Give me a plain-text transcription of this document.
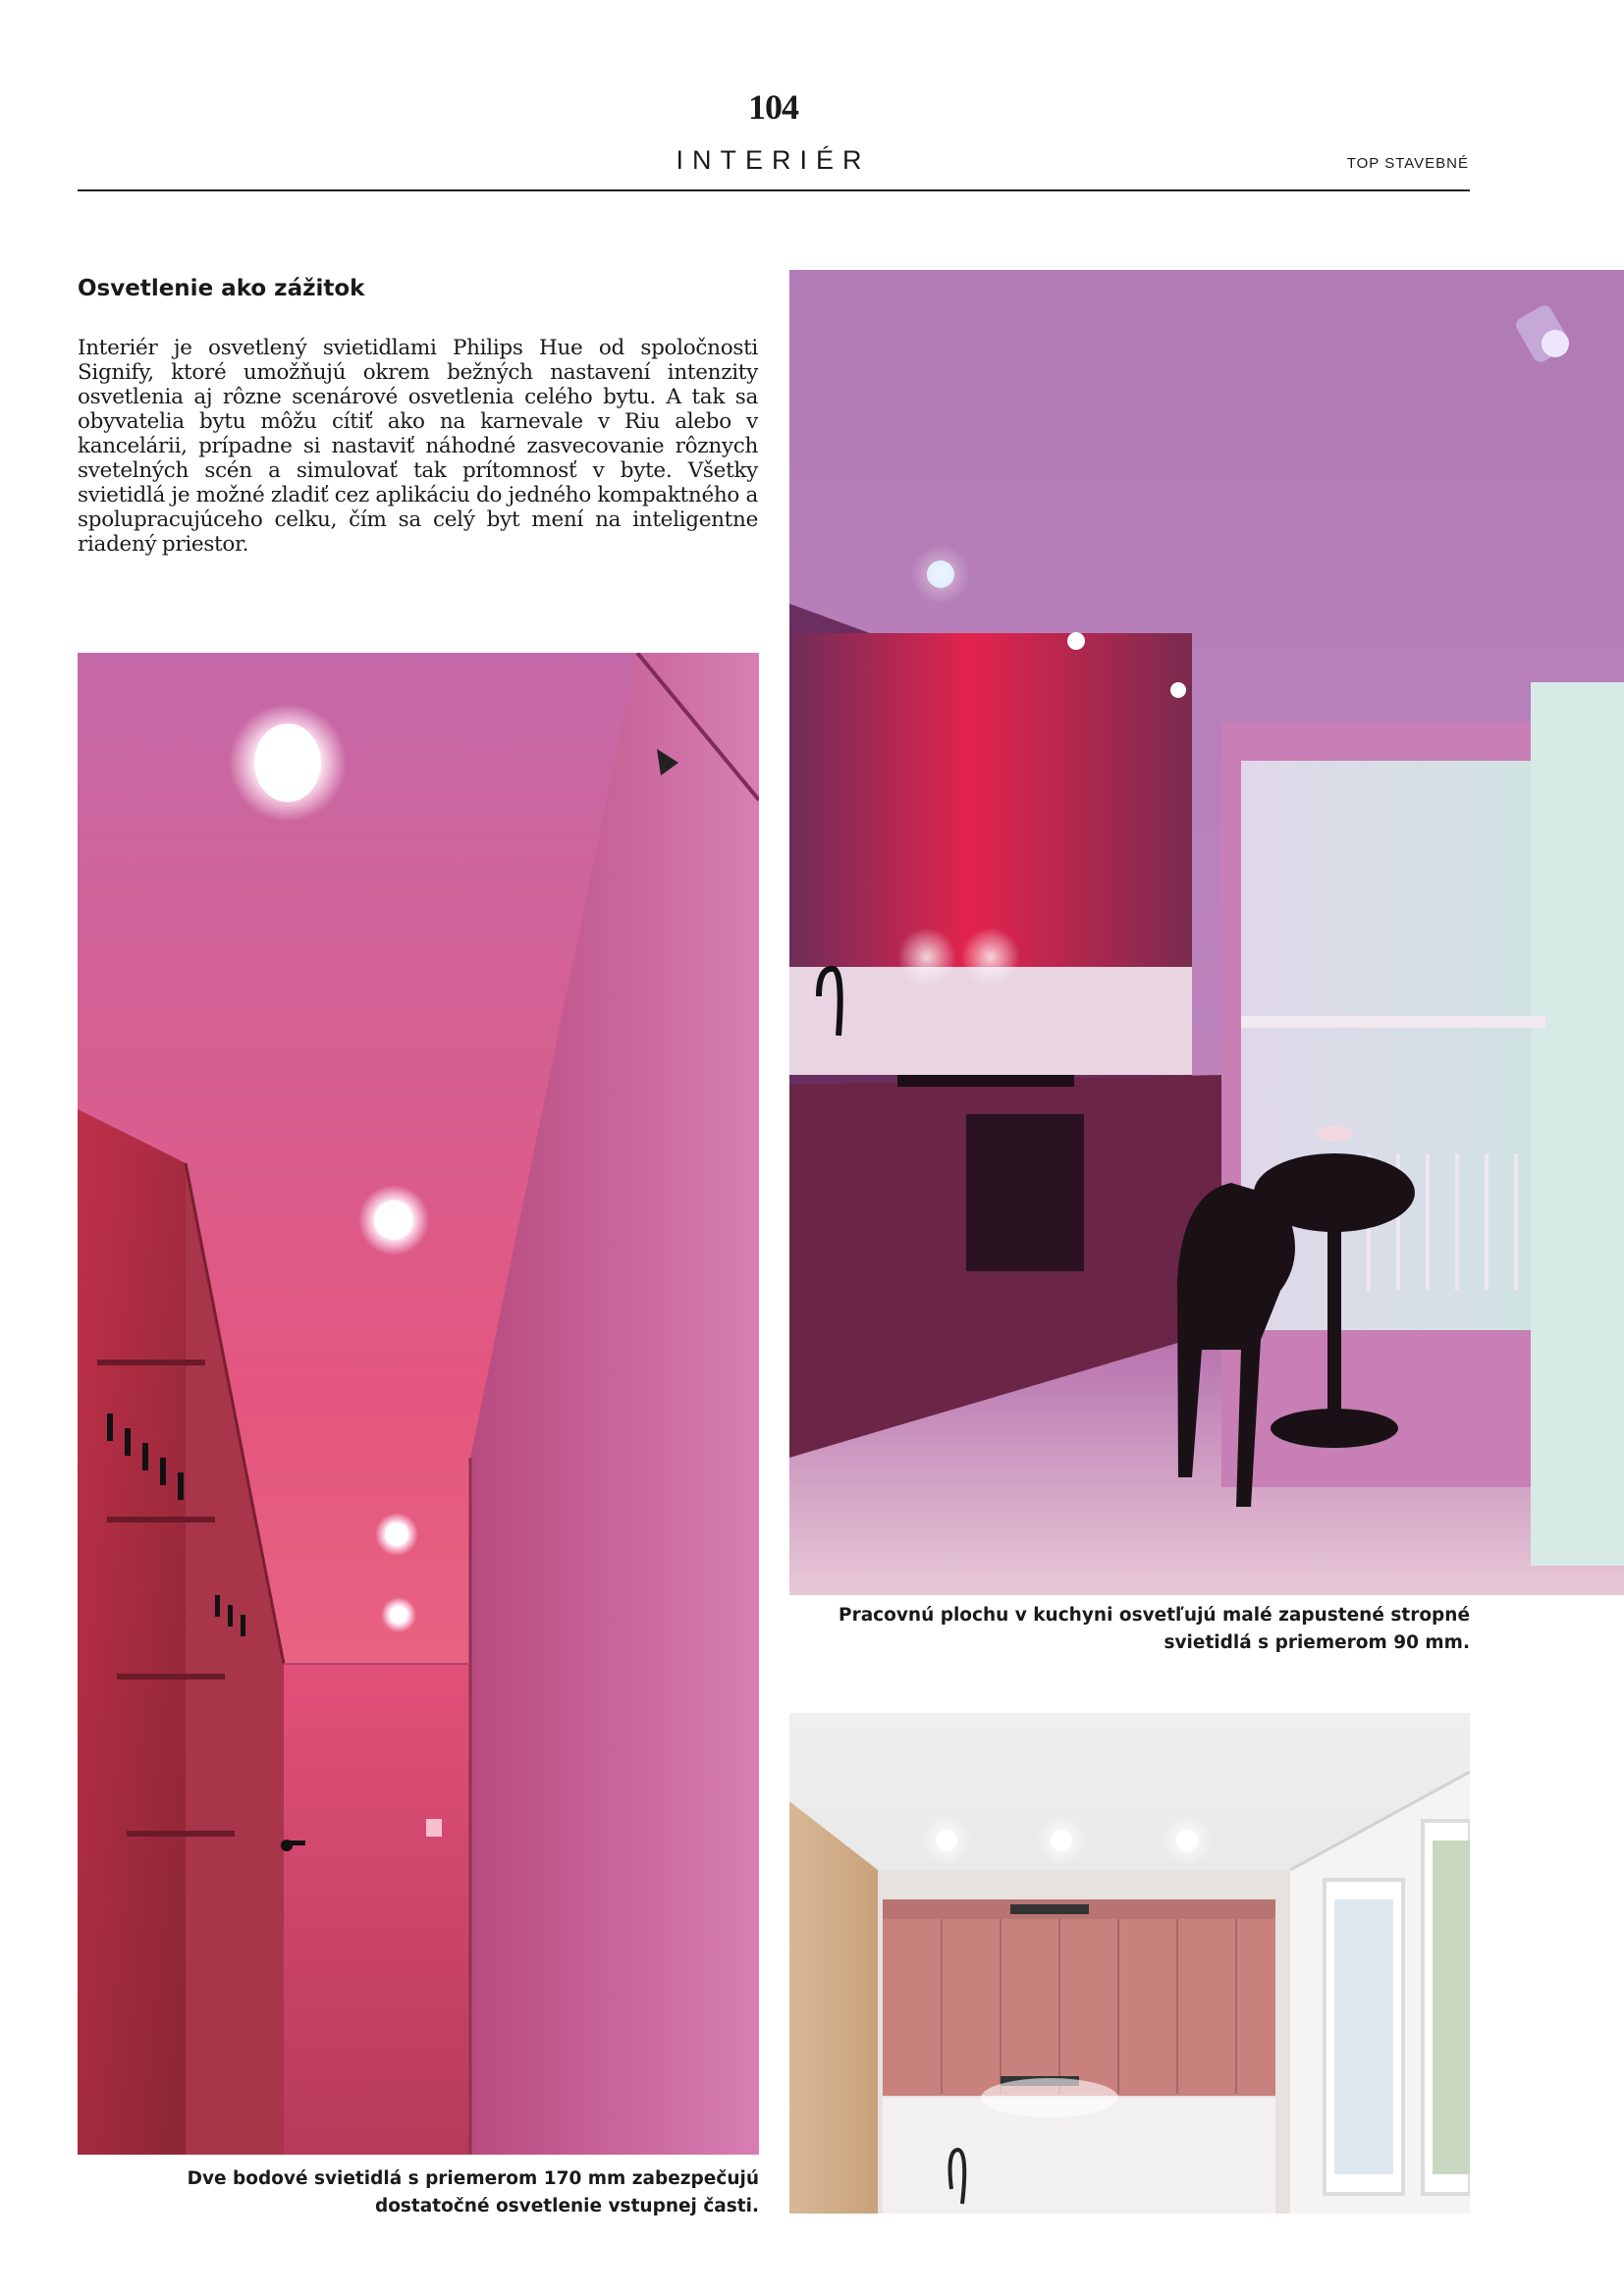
104
INTERIÉR	TOP STAVEBNÉ
Osvetlenie ako zážitok
Interiér je osvetlený svietidlami Philips Hue od spoločnosti Signify, ktoré umožňujú okrem bežných nastavení intenzity osvetlenia aj rôzne scenárové osvetlenia celého bytu. A tak sa obyvatelia bytu môžu cítiť ako na karnevale v Riu alebo v kancelárii, prípadne si nastaviť náhodné zasvecovanie rôznych svetelných scén a simulovať tak prítomnosť v byte. Všetky svietidlá je možné zladiť cez aplikáciu do jedného kompaktného a spolupracujúceho celku, čím sa celý byt mení na inteligentne riadený priestor.
Dve bodové svietidlá s priemerom 170 mm zabezpečujú dostatočné osvetlenie vstupnej časti.
Pracovnú plochu v kuchyni osvetľujú malé zapustené stropné svietidlá s priemerom 90 mm.
